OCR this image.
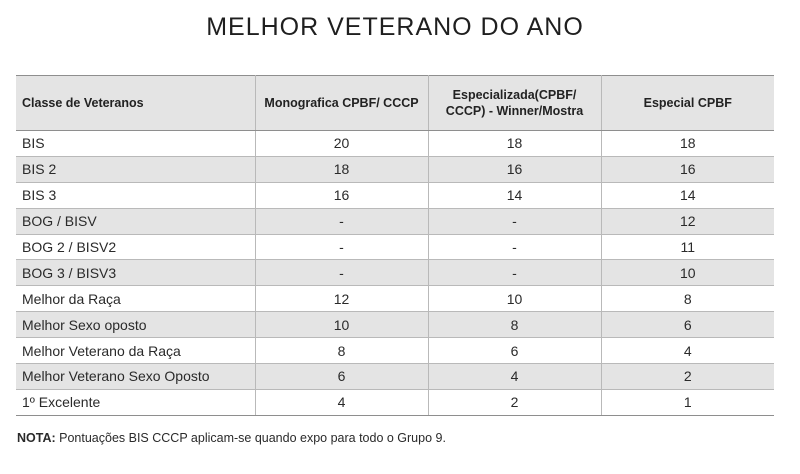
MELHOR VETERANO DO ANO
Classe de Veteranos	Monografica CPBF/ CCCP	Especializada(CPBF/ CCCP) - Winner/Mostra	Especial CPBF
BIS	20	18	18
BIS 2	18	16	16
BIS 3	16	14	14
BOG / BISV	-	-	12
BOG 2 / BISV2	-	-	11
BOG 3 / BISV3	-	-	10
Melhor da Raça	12	10	8
Melhor Sexo oposto	10	8	6
Melhor Veterano da Raça	8	6	4
Melhor Veterano Sexo Oposto	6	4	2
1º Excelente	4	2	1
NOTA: Pontuações BIS CCCP aplicam-se quando expo para todo o Grupo 9.
